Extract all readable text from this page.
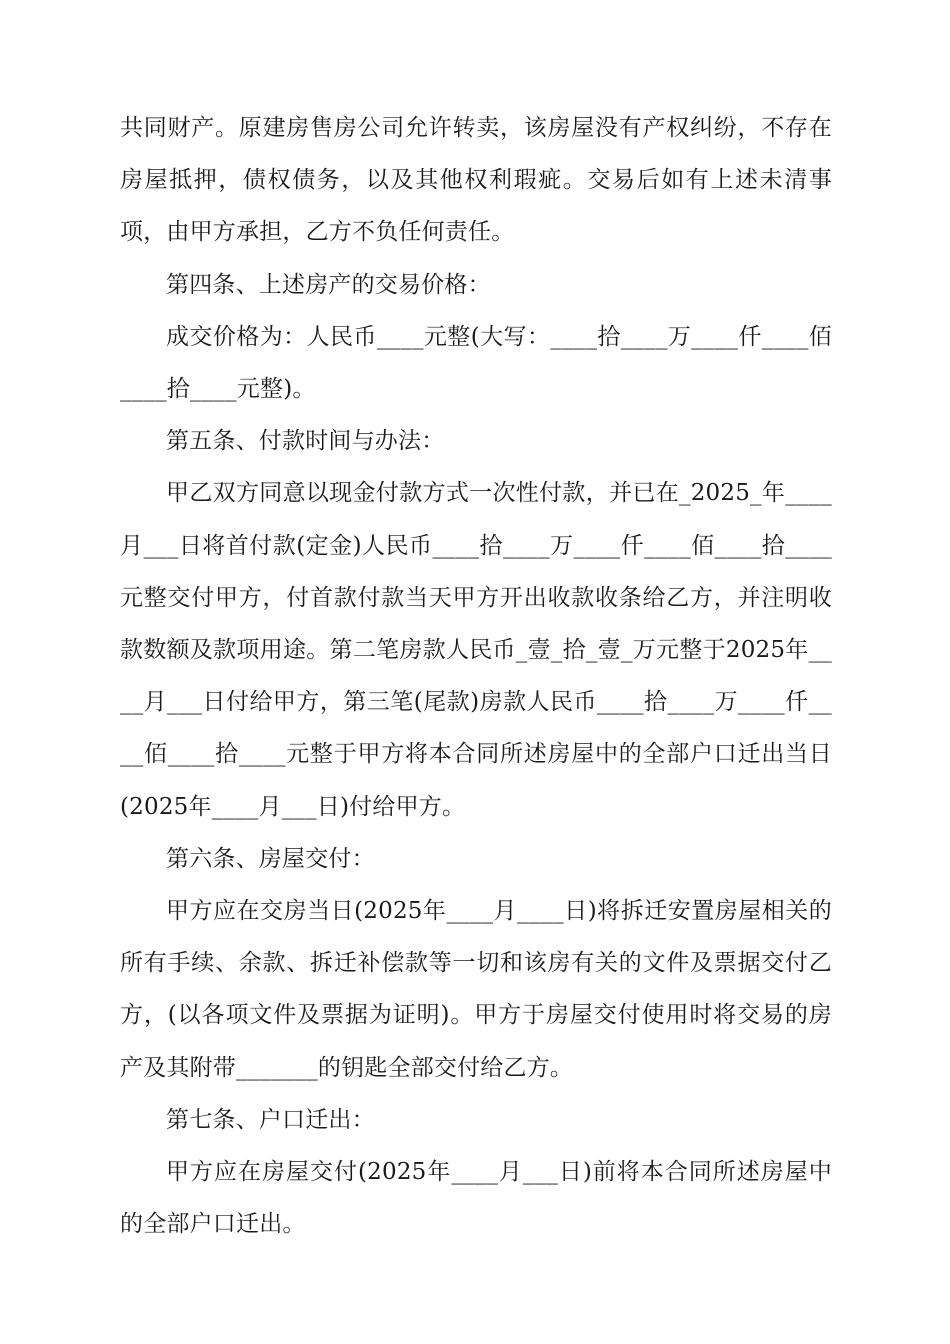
共同财产。原建房售房公司允许转卖，该房屋没有产权纠纷，不存在房屋抵押，债权债务，以及其他权利瑕疵。交易后如有上述未清事项，由甲方承担，乙方不负任何责任。

第四条、上述房产的交易价格：

成交价格为：人民币____元整(大写：____拾____万____仟____佰____拾____元整)。

第五条、付款时间与办法：

甲乙双方同意以现金付款方式一次性付款，并已在_2025_年____月___日将首付款(定金)人民币____拾____万____仟____佰____拾____元整交付甲方，付首款付款当天甲方开出收款收条给乙方，并注明收款数额及款项用途。第二笔房款人民币_壹_拾_壹_万元整于2025年____月___日付给甲方，第三笔(尾款)房款人民币____拾____万____仟____佰____拾____元整于甲方将本合同所述房屋中的全部户口迁出当日(2025年____月___日)付给甲方。

第六条、房屋交付：

甲方应在交房当日(2025年____月____日)将拆迁安置房屋相关的所有手续、余款、拆迁补偿款等一切和该房有关的文件及票据交付乙方，(以各项文件及票据为证明)。甲方于房屋交付使用时将交易的房产及其附带_______的钥匙全部交付给乙方。

第七条、户口迁出：

甲方应在房屋交付(2025年____月___日)前将本合同所述房屋中的全部户口迁出。
